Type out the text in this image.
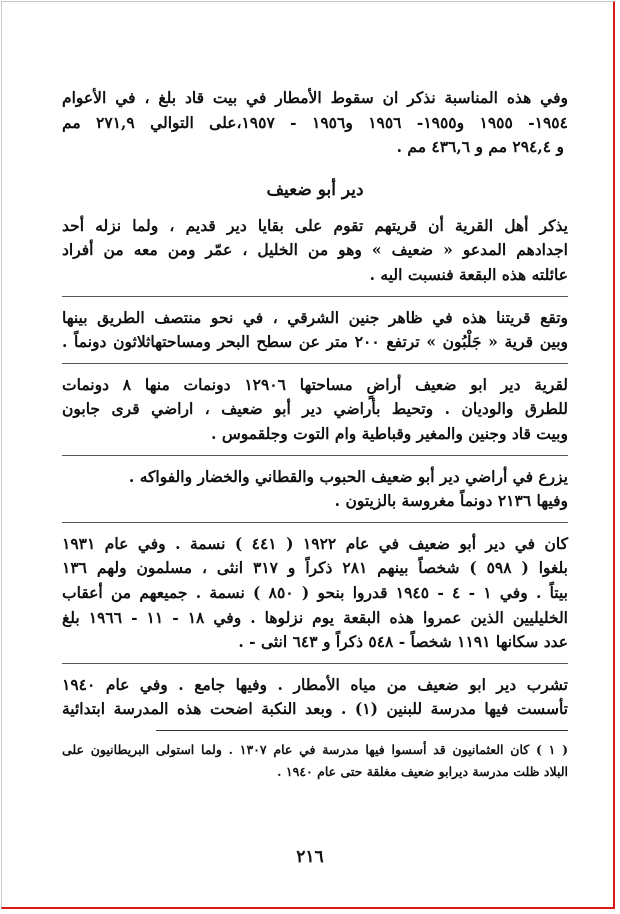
وفي هذه المناسبة نذكر ان سقوط الأمطار في بيت قاد بلغ ، في الأعوام

١٩٥٤- ١٩٥٥ و١٩٥٥- ١٩٥٦ و١٩٥٦ - ١٩٥٧،على التوالي ٢٧١,٩ مم

و ٢٩٤,٤ مم و ٤٣٦,٦ مم .

دير أبو ضعيف

يذكر أهل القرية أن قريتهم تقوم على بقايا دير قديم ، ولما نزله أحد

اجدادهم المدعو « ضعيف » وهو من الخليل ، عمّر ومن معه من أفراد

عائلته هذه البقعة فنسبت اليه .

وتقع قريتنا هذه في ظاهر جنين الشرقي ، في نحو منتصف الطريق بينها

وبين قرية « جَلْبُون » ترتفع ٢٠٠ متر عن سطح البحر ومساحتهاثلاثون دونماً .

لقرية دير ابو ضعيف أراضٍ مساحتها ١٢٩٠٦ دونمات منها ٨ دونمات

للطرق والوديان . وتحيط بأراضي دير أبو ضعيف ، اراضي قرى جابون

وبيت قاد وجنين والمغير وقباطية وام التوت وجلقموس .

يزرع في أراضي دير أبو ضعيف الحبوب والقطاني والخضار والفواكه .

وفيها ٢١٣٦ دونماً مغروسة بالزيتون .

كان في دير أبو ضعيف في عام ١٩٢٢ ( ٤٤١ ) نسمة . وفي عام ١٩٣١

بلغوا ( ٥٩٨ ) شخصاً بينهم ٢٨١ ذكراً و ٣١٧ انثى ، مسلمون ولهم ١٣٦

بيتاً . وفي ١ - ٤ - ١٩٤٥ قدروا بنحو ( ٨٥٠ ) نسمة . جميعهم من أعقاب

الخليليين الذين عمروا هذه البقعة يوم نزلوها . وفي ١٨ - ١١ - ١٩٦٦ بلغ

عدد سكانها ١١٩١ شخصاً - ٥٤٨ ذكراً و ٦٤٣ انثى - .

تشرب دير ابو ضعيف من مياه الأمطار . وفيها جامع . وفي عام ١٩٤٠

تأسست فيها مدرسة للبنين (١) . وبعد النكبة اضحت هذه المدرسة ابتدائية

( ١ ) كان العثمانيون قد أسسوا فيها مدرسة في عام ١٣٠٧ . ولما استولى البريطانيون على

البلاد ظلت مدرسة ديرابو ضعيف مغلقة حتى عام ١٩٤٠ .

٢١٦
